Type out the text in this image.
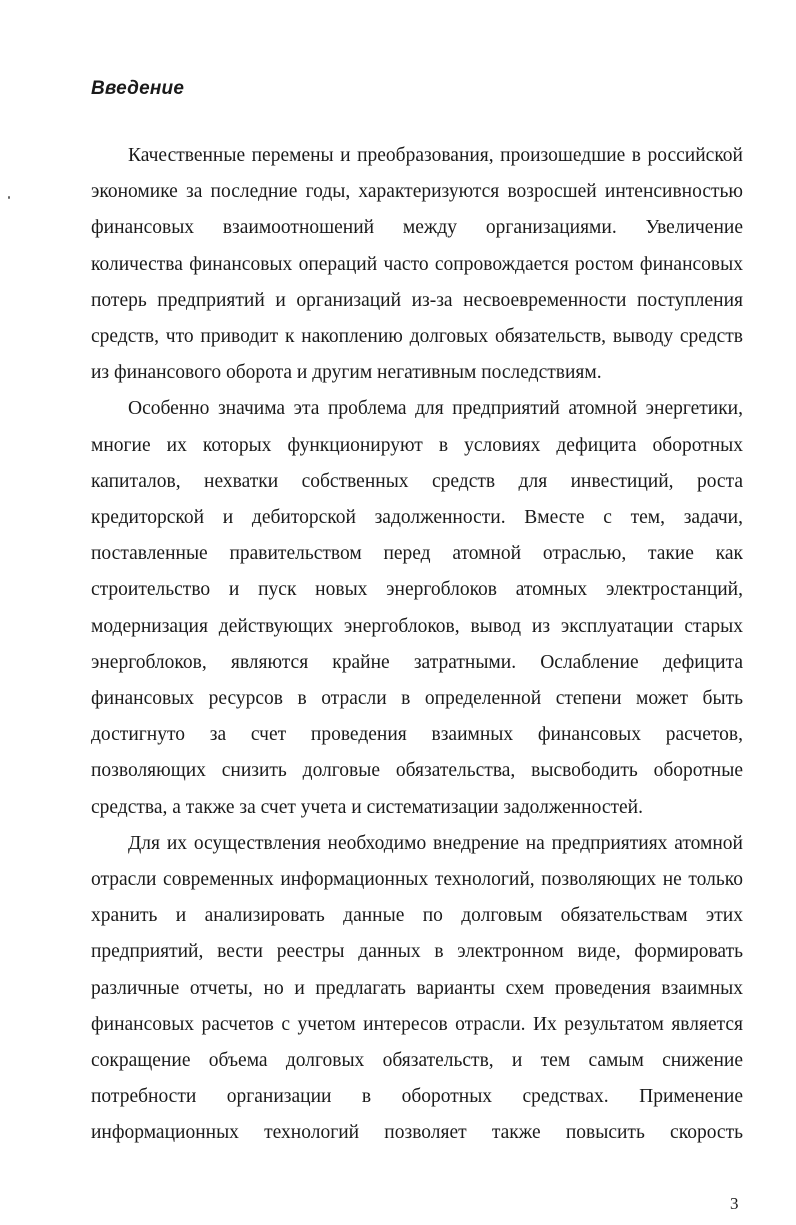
Введение

Качественные перемены и преобразования, произошедшие в российской экономике за последние годы, характеризуются возросшей интенсивностью финансовых взаимоотношений между организациями. Увеличение количества финансовых операций часто сопровождается ростом финансовых потерь предприятий и организаций из-за несвоевременности поступления средств, что приводит к накоплению долговых обязательств, выводу средств из финансового оборота и другим негативным последствиям.

Особенно значима эта проблема для предприятий атомной энергетики, многие их которых функционируют в условиях дефицита оборотных капиталов, нехватки собственных средств для инвестиций, роста кредиторской и дебиторской задолженности. Вместе с тем, задачи, поставленные правительством перед атомной отраслью, такие как строительство и пуск новых энергоблоков атомных электростанций, модернизация действующих энергоблоков, вывод из эксплуатации старых энергоблоков, являются крайне затратными. Ослабление дефицита финансовых ресурсов в отрасли в определенной степени может быть достигнуто за счет проведения взаимных финансовых расчетов, позволяющих снизить долговые обязательства, высвободить оборотные средства, а также за счет учета и систематизации задолженностей.

Для их осуществления необходимо внедрение на предприятиях атомной отрасли современных информационных технологий, позволяющих не только хранить и анализировать данные по долговым обязательствам этих предприятий, вести реестры данных в электронном виде, формировать различные отчеты, но и предлагать варианты схем проведения взаимных финансовых расчетов с учетом интересов отрасли. Их результатом является сокращение объема долговых обязательств, и тем самым снижение потребности организации в оборотных средствах. Применение информационных технологий позволяет также повысить скорость

3
